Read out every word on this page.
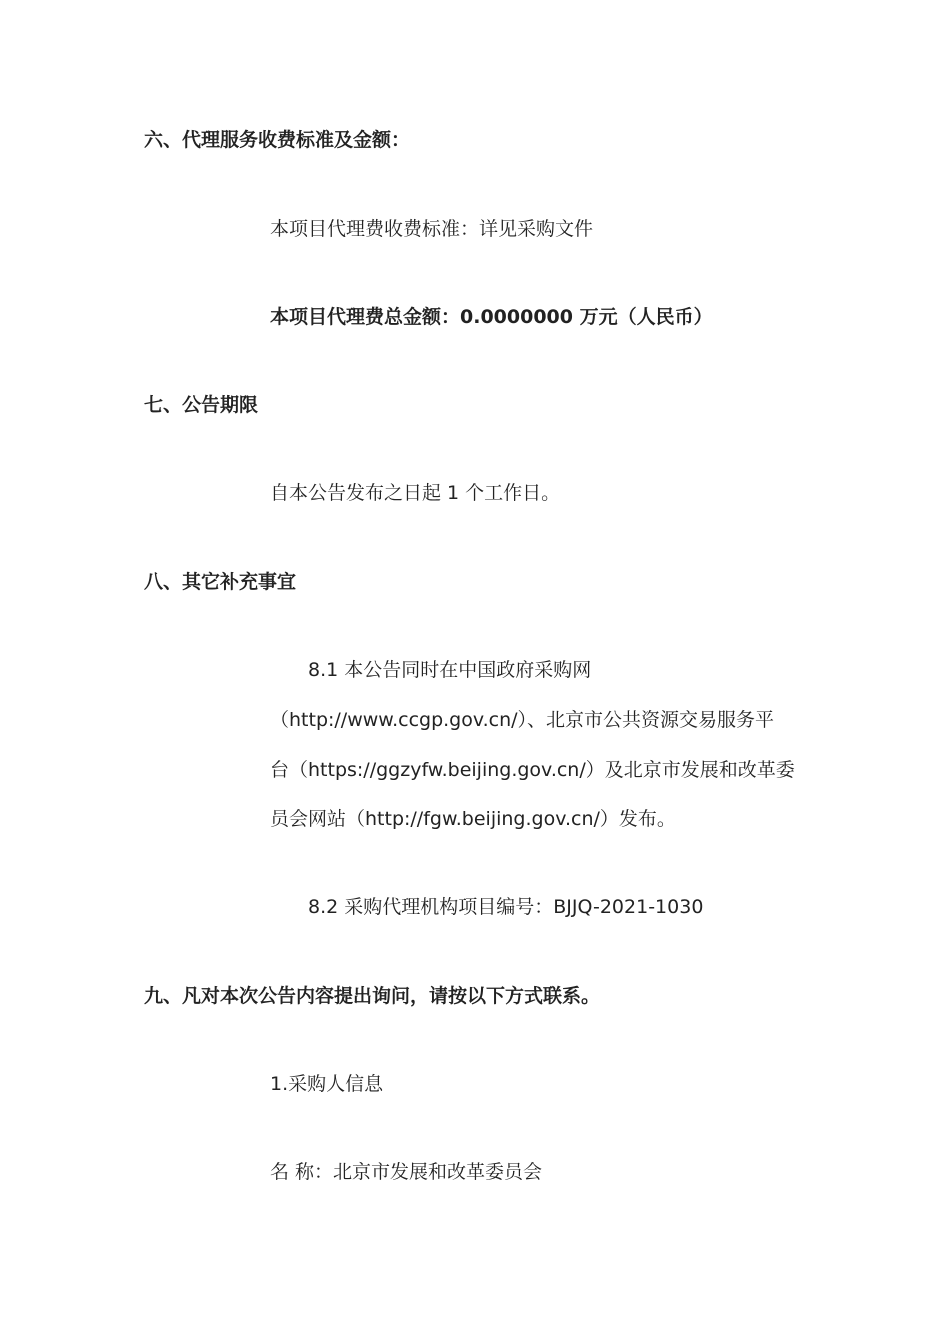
六、代理服务收费标准及金额：
本项目代理费收费标准：详见采购文件
本项目代理费总金额：0.0000000 万元（人民币）
七、公告期限
自本公告发布之日起 1 个工作日。
八、其它补充事宜
8.1 本公告同时在中国政府采购网
（http://www.ccgp.gov.cn/）、北京市公共资源交易服务平
台（https://ggzyfw.beijing.gov.cn/）及北京市发展和改革委
员会网站（http://fgw.beijing.gov.cn/）发布。
8.2 采购代理机构项目编号：BJJQ-2021-1030
九、凡对本次公告内容提出询问，请按以下方式联系。
1.采购人信息
名 称：北京市发展和改革委员会
